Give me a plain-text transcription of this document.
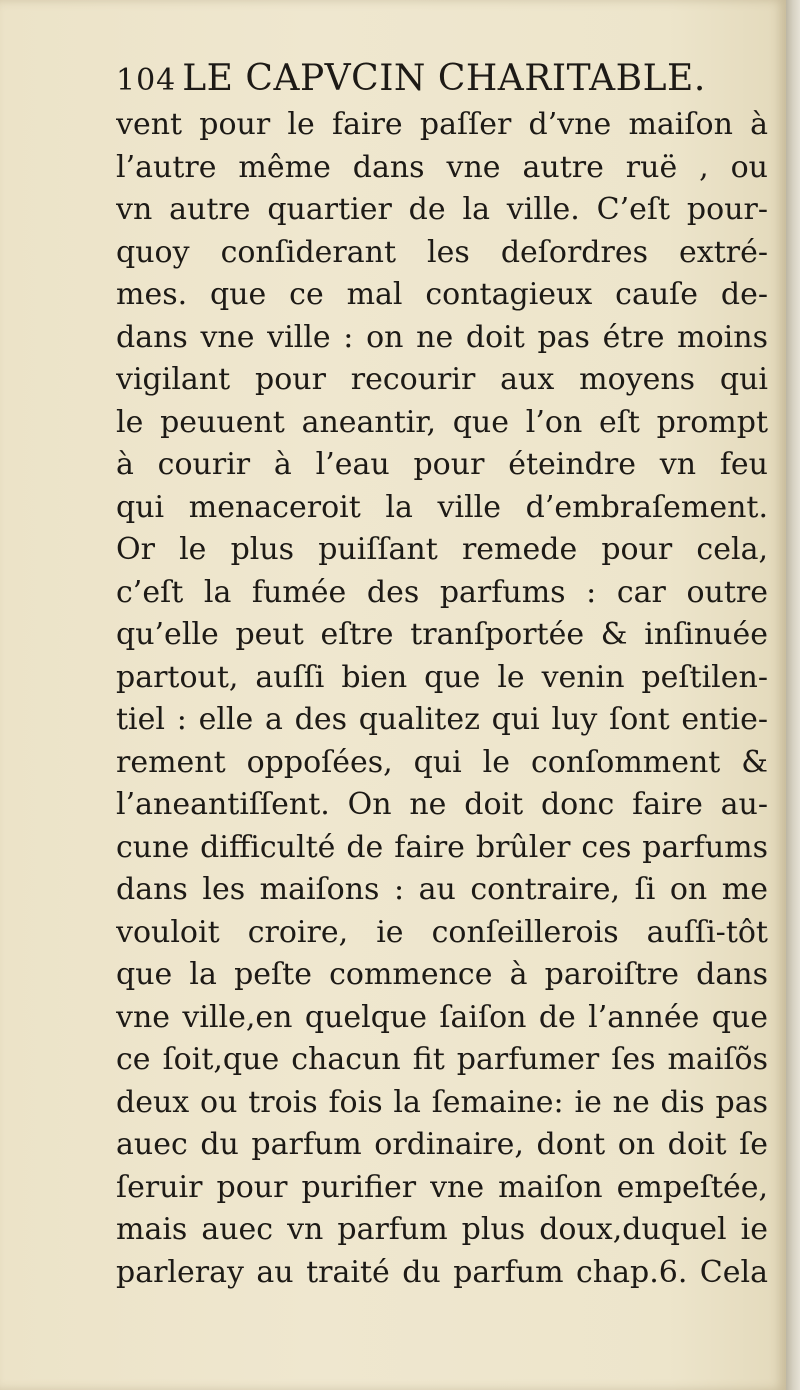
104 LE CAPVCIN CHARITABLE.
vent pour le faire paſſer d’vne maiſon à
l’autre même dans vne autre ruë , ou
vn autre quartier de la ville. C’eſt pour-
quoy conſiderant les deſordres extré-
mes. que ce mal contagieux cauſe de-
dans vne ville : on ne doit pas étre moins
vigilant pour recourir aux moyens qui
le peuuent aneantir, que l’on eſt prompt
à courir à l’eau pour éteindre vn feu
qui menaceroit la ville d’embraſement.
Or le plus puiſſant remede pour cela,
c’eſt la fumée des parfums : car outre
qu’elle peut eſtre tranſportée & inſinuée
partout, auſſi bien que le venin peſtilen-
tiel : elle a des qualitez qui luy ſont entie-
rement oppoſées, qui le conſomment &
l’aneantiſſent. On ne doit donc faire au-
cune difficulté de faire brûler ces parfums
dans les maiſons : au contraire, ſi on me
vouloit croire, ie conſeillerois auſſi-tôt
que la peſte commence à paroiſtre dans
vne ville,en quelque ſaiſon de l’année que
ce ſoit,que chacun fit parfumer ſes maiſõs
deux ou trois fois la ſemaine: ie ne dis pas
auec du parfum ordinaire, dont on doit ſe
ſeruir pour purifier vne maiſon empeſtée,
mais auec vn parfum plus doux,duquel ie
parleray au traité du parfum chap.6. Cela
